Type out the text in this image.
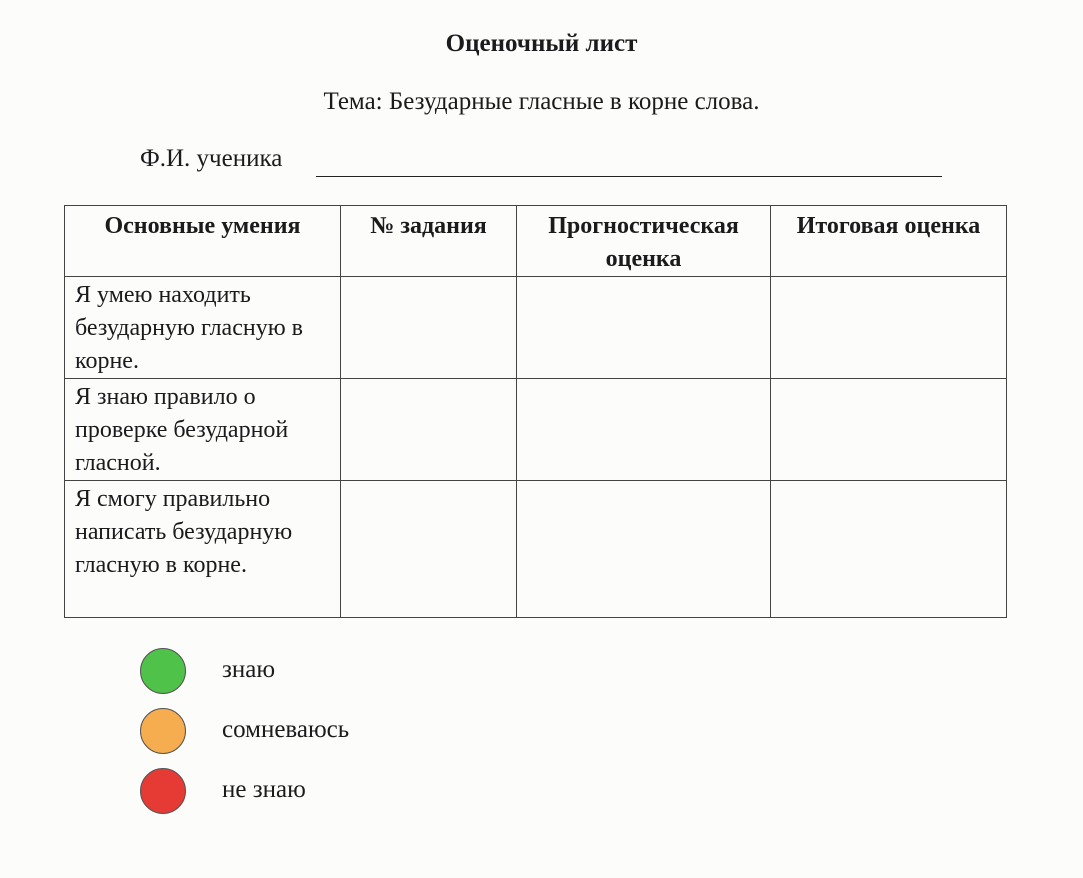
Оценочный лист
Тема: Безударные гласные в корне слова.
Ф.И. ученика
Основные умения	№ задания	Прогностическая оценка	Итоговая оценка
Я умею находить безударную гласную в корне.			
Я знаю правило о проверке безударной гласной.			
Я смогу правильно написать безударную гласную в корне.			
знаю
сомневаюсь
не знаю
